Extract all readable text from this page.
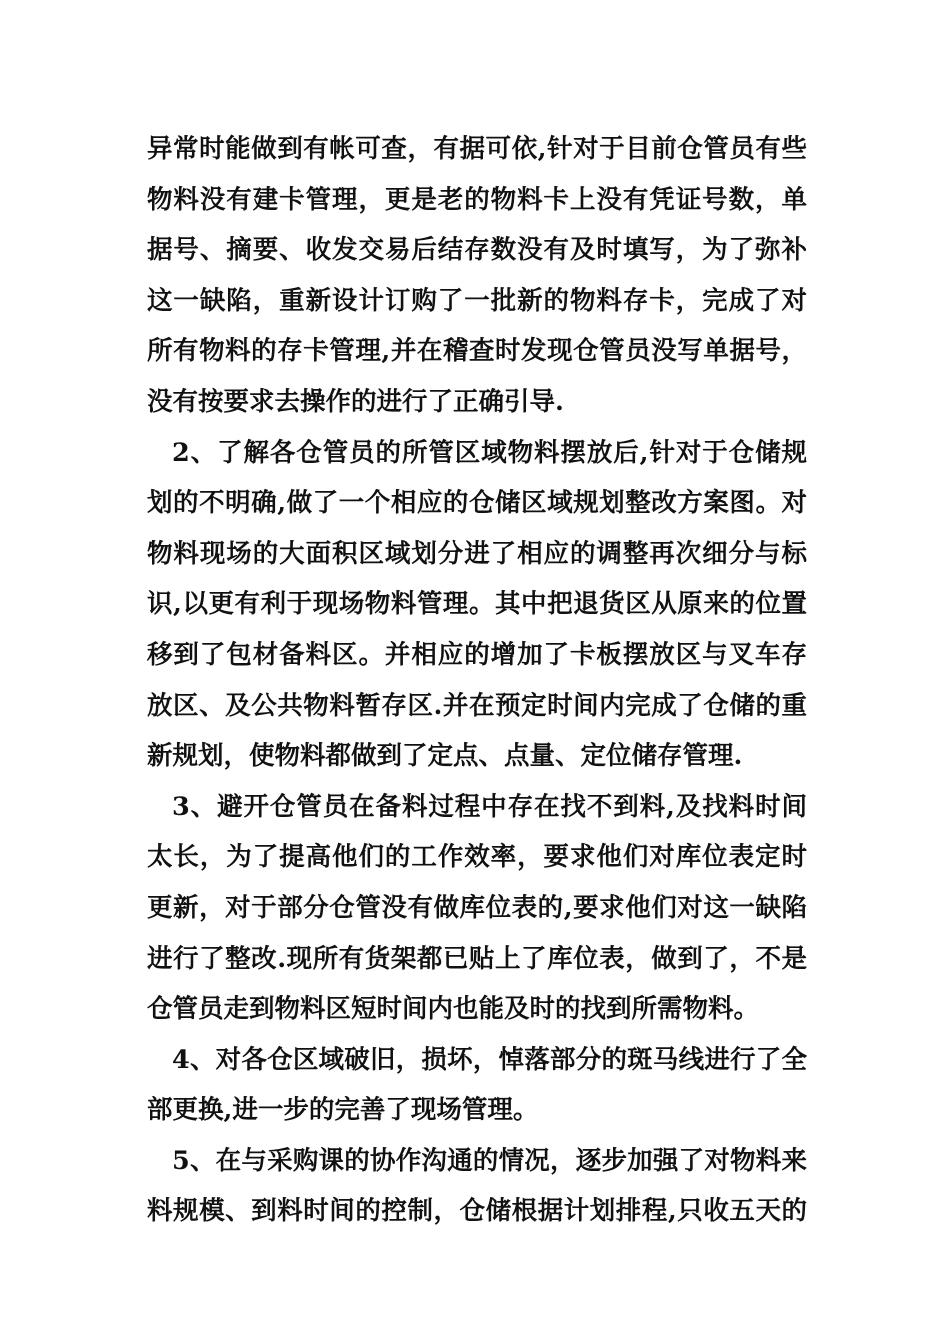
异常时能做到有帐可查，有据可依,针对于目前仓管员有些
物料没有建卡管理，更是老的物料卡上没有凭证号数，单
据号、摘要、收发交易后结存数没有及时填写，为了弥补
这一缺陷，重新设计订购了一批新的物料存卡，完成了对
所有物料的存卡管理,并在稽查时发现仓管员没写单据号，
没有按要求去操作的进行了正确引导.
2、了解各仓管员的所管区域物料摆放后,针对于仓储规
划的不明确,做了一个相应的仓储区域规划整改方案图。对
物料现场的大面积区域划分进了相应的调整再次细分与标
识,以更有利于现场物料管理。其中把退货区从原来的位置
移到了包材备料区。并相应的增加了卡板摆放区与叉车存
放区、及公共物料暂存区.并在预定时间内完成了仓储的重
新规划，使物料都做到了定点、点量、定位储存管理.
3、避开仓管员在备料过程中存在找不到料,及找料时间
太长，为了提高他们的工作效率，要求他们对库位表定时
更新，对于部分仓管没有做库位表的,要求他们对这一缺陷
进行了整改.现所有货架都已贴上了库位表，做到了，不是
仓管员走到物料区短时间内也能及时的找到所需物料。
4、对各仓区域破旧，损坏，悼落部分的斑马线进行了全
部更换,进一步的完善了现场管理。
5、在与采购课的协作沟通的情况，逐步加强了对物料来
料规模、到料时间的控制，仓储根据计划排程,只收五天的
